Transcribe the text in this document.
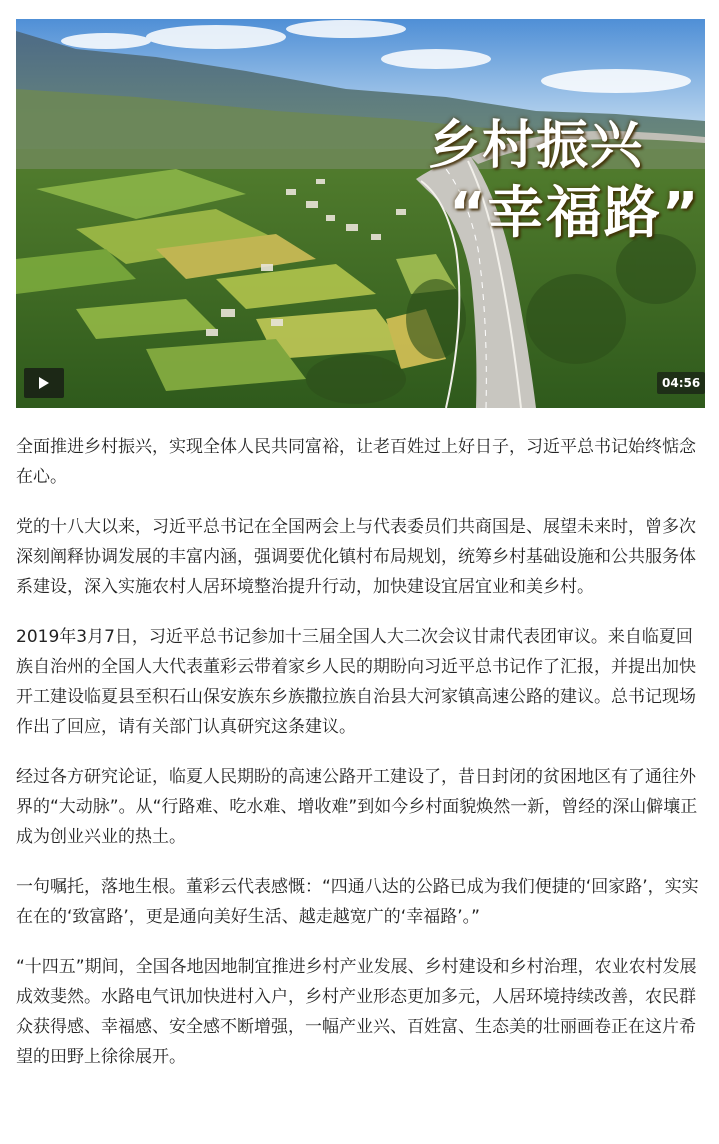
乡村振兴
“幸福路”
04:56

全面推进乡村振兴，实现全体人民共同富裕，让老百姓过上好日子，习近平总书记始终惦念在心。

党的十八大以来，习近平总书记在全国两会上与代表委员们共商国是、展望未来时，曾多次深刻阐释协调发展的丰富内涵，强调要优化镇村布局规划，统筹乡村基础设施和公共服务体系建设，深入实施农村人居环境整治提升行动，加快建设宜居宜业和美乡村。

2019年3月7日，习近平总书记参加十三届全国人大二次会议甘肃代表团审议。来自临夏回族自治州的全国人大代表董彩云带着家乡人民的期盼向习近平总书记作了汇报，并提出加快开工建设临夏县至积石山保安族东乡族撒拉族自治县大河家镇高速公路的建议。总书记现场作出了回应，请有关部门认真研究这条建议。

经过各方研究论证，临夏人民期盼的高速公路开工建设了，昔日封闭的贫困地区有了通往外界的“大动脉”。从“行路难、吃水难、增收难”到如今乡村面貌焕然一新，曾经的深山僻壤正成为创业兴业的热土。

一句嘱托，落地生根。董彩云代表感慨：“四通八达的公路已成为我们便捷的‘回家路’，实实在在的‘致富路’，更是通向美好生活、越走越宽广的‘幸福路’。”

“十四五”期间，全国各地因地制宜推进乡村产业发展、乡村建设和乡村治理，农业农村发展成效斐然。水路电气讯加快进村入户，乡村产业形态更加多元，人居环境持续改善，农民群众获得感、幸福感、安全感不断增强，一幅产业兴、百姓富、生态美的壮丽画卷正在这片希望的田野上徐徐展开。
